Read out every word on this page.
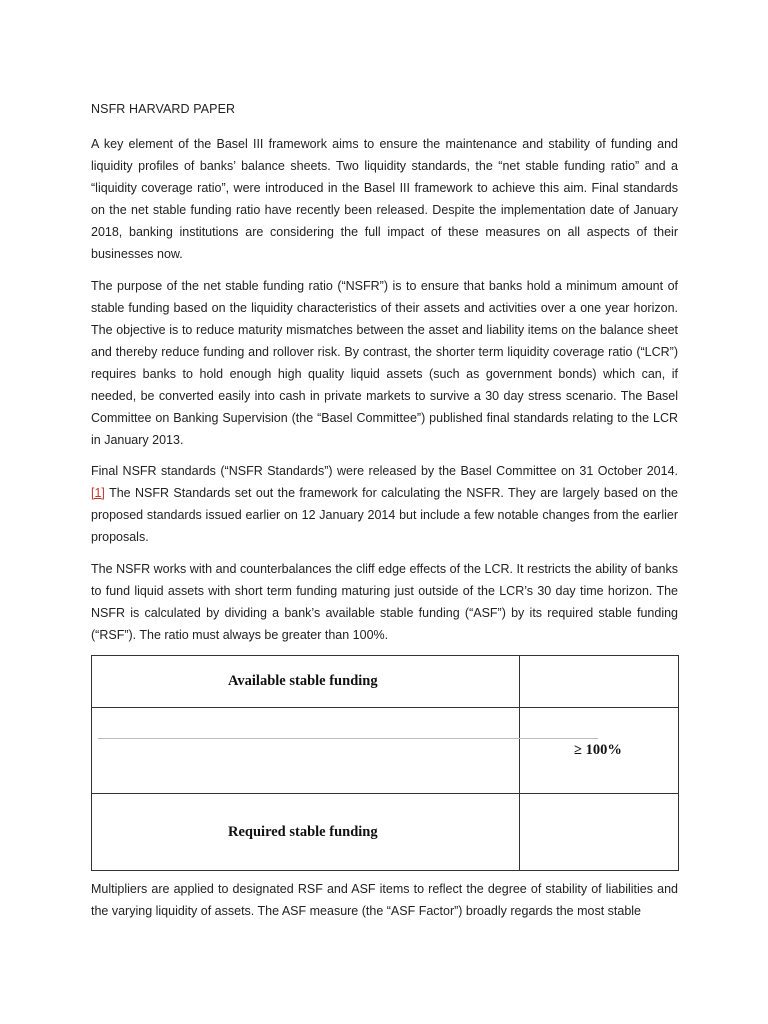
NSFR HARVARD PAPER

A key element of the Basel III framework aims to ensure the maintenance and stability of funding and liquidity profiles of banks’ balance sheets. Two liquidity standards, the “net stable funding ratio” and a “liquidity coverage ratio”, were introduced in the Basel III framework to achieve this aim. Final standards on the net stable funding ratio have recently been released. Despite the implementation date of January 2018, banking institutions are considering the full impact of these measures on all aspects of their businesses now.

The purpose of the net stable funding ratio (“NSFR”) is to ensure that banks hold a minimum amount of stable funding based on the liquidity characteristics of their assets and activities over a one year horizon. The objective is to reduce maturity mismatches between the asset and liability items on the balance sheet and thereby reduce funding and rollover risk. By contrast, the shorter term liquidity coverage ratio (“LCR”) requires banks to hold enough high quality liquid assets (such as government bonds) which can, if needed, be converted easily into cash in private markets to survive a 30 day stress scenario. The Basel Committee on Banking Supervision (the “Basel Committee”) published final standards relating to the LCR in January 2013.

Final NSFR standards (“NSFR Standards”) were released by the Basel Committee on 31 October 2014. [1] The NSFR Standards set out the framework for calculating the NSFR. They are largely based on the proposed standards issued earlier on 12 January 2014 but include a few notable changes from the earlier proposals.

The NSFR works with and counterbalances the cliff edge effects of the LCR. It restricts the ability of banks to fund liquid assets with short term funding maturing just outside of the LCR’s 30 day time horizon. The NSFR is calculated by dividing a bank’s available stable funding (“ASF”) by its required stable funding (“RSF”). The ratio must always be greater than 100%.

Available stable funding
≥ 100%
Required stable funding

Multipliers are applied to designated RSF and ASF items to reflect the degree of stability of liabilities and the varying liquidity of assets. The ASF measure (the “ASF Factor”) broadly regards the most stable
